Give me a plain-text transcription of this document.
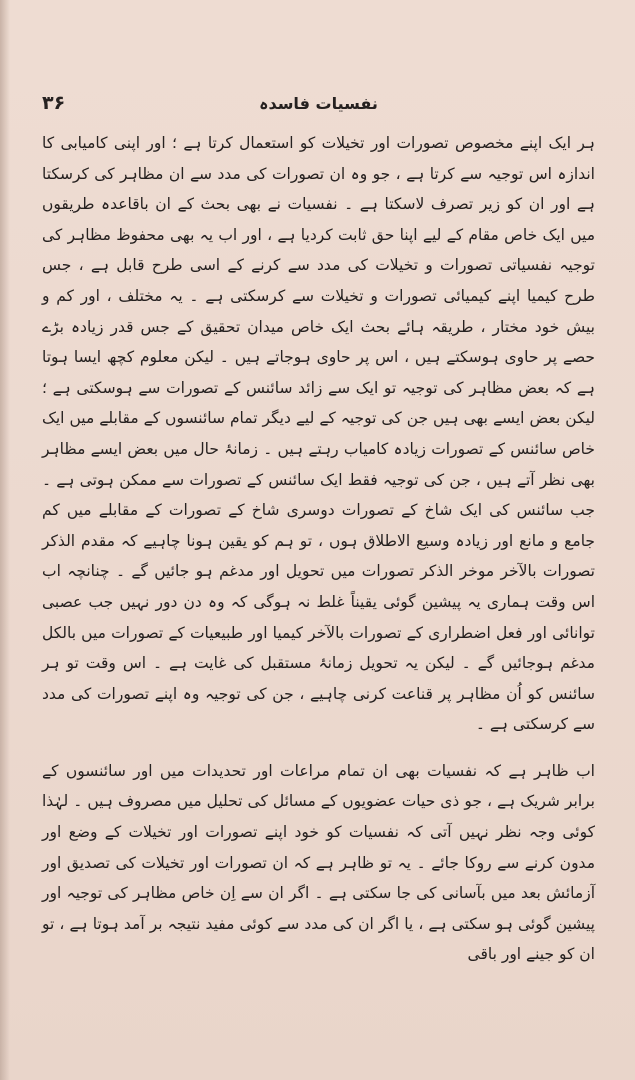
۳۶	نفسیات فاسدہ

ہر ایک اپنے مخصوص تصورات اور تخیلات کو استعمال کرتا ہے ؛ اور اپنی کامیابی کا اندازہ اس توجیہ سے کرتا ہے ، جو وہ ان تصورات کی مدد سے ان مظاہر کی کرسکتا ہے اور ان کو زیر تصرف لاسکتا ہے ۔ نفسیات نے بھی بحث کے ان باقاعدہ طریقوں میں ایک خاص مقام کے لیے اپنا حق ثابت کردیا ہے ، اور اب یہ بھی محفوظ مظاہر کی توجیہ نفسیاتی تصورات و تخیلات کی مدد سے کرنے کے اسی طرح قابل ہے ، جس طرح کیمیا اپنے کیمیائی تصورات و تخیلات سے کرسکتی ہے ۔ یہ مختلف ، اور کم و بیش خود مختار ، طریقہ ہائے بحث ایک خاص میدان تحقیق کے جس قدر زیادہ بڑے حصے پر حاوی ہوسکتے ہیں ، اس پر حاوی ہوجاتے ہیں ۔ لیکن معلوم کچھ ایسا ہوتا ہے کہ بعض مظاہر کی توجیہ تو ایک سے زائد سائنس کے تصورات سے ہوسکتی ہے ؛ لیکن بعض ایسے بھی ہیں جن کی توجیہ کے لیے دیگر تمام سائنسوں کے مقابلے میں ایک خاص سائنس کے تصورات زیادہ کامیاب رہتے ہیں ۔ زمانۂ حال میں بعض ایسے مظاہر بھی نظر آتے ہیں ، جن کی توجیہ فقط ایک سائنس کے تصورات سے ممکن ہوتی ہے ۔ جب سائنس کی ایک شاخ کے تصورات دوسری شاخ کے تصورات کے مقابلے میں کم جامع و مانع اور زیادہ وسیع الاطلاق ہوں ، تو ہم کو یقین ہونا چاہیے کہ مقدم الذکر تصورات بالآخر موخر الذکر تصورات میں تحویل اور مدغم ہو جائیں گے ۔ چنانچہ اب اس وقت ہماری یہ پیشین گوئی یقیناً غلط نہ ہوگی کہ وہ دن دور نہیں جب عصبی توانائی اور فعل اضطراری کے تصورات بالآخر کیمیا اور طبیعیات کے تصورات میں بالکل مدغم ہوجائیں گے ۔ لیکن یہ تحویل زمانۂ مستقبل کی غایت ہے ۔ اس وقت تو ہر سائنس کو اُن مظاہر پر قناعت کرنی چاہیے ، جن کی توجیہ وہ اپنے تصورات کی مدد سے کرسکتی ہے ۔

اب ظاہر ہے کہ نفسیات بھی ان تمام مراعات اور تحدیدات میں اور سائنسوں کے برابر شریک ہے ، جو ذی حیات عضویوں کے مسائل کی تحلیل میں مصروف ہیں ۔ لہٰذا کوئی وجہ نظر نہیں آتی کہ نفسیات کو خود اپنے تصورات اور تخیلات کے وضع اور مدون کرنے سے روکا جائے ۔ یہ تو ظاہر ہے کہ ان تصورات اور تخیلات کی تصدیق اور آزمائش بعد میں بآسانی کی جا سکتی ہے ۔ اگر ان سے اِن خاص مظاہر کی توجیہ اور پیشین گوئی ہو سکتی ہے ، یا اگر ان کی مدد سے کوئی مفید نتیجہ بر آمد ہوتا ہے ، تو ان کو جینے اور باقی
